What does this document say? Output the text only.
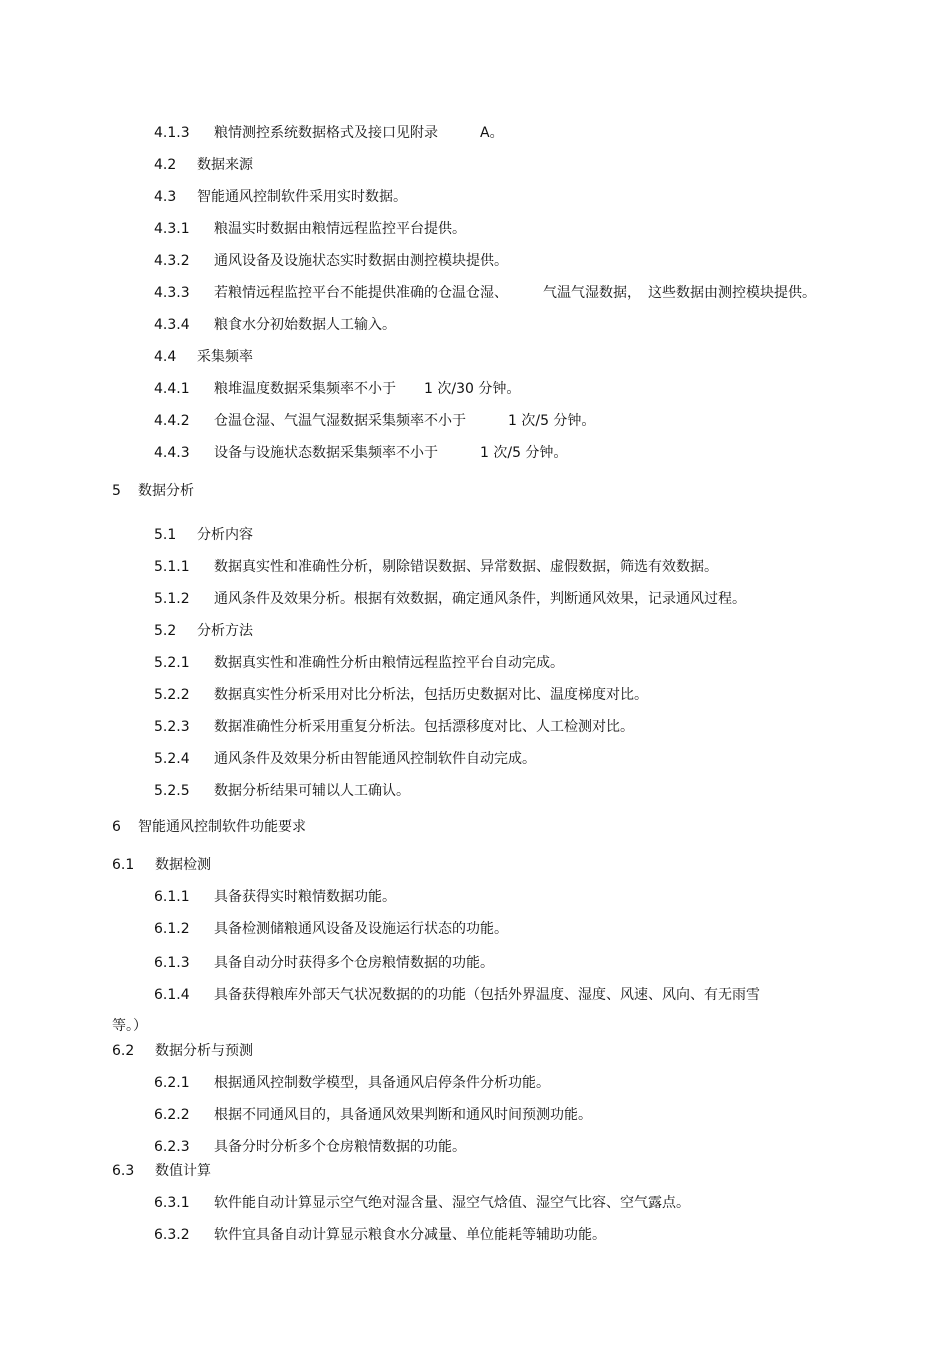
4.1.3 粮情测控系统数据格式及接口见附录　　　A。
4.2 数据来源
4.3 智能通风控制软件采用实时数据。
4.3.1 粮温实时数据由粮情远程监控平台提供。
4.3.2 通风设备及设施状态实时数据由测控模块提供。
4.3.3 若粮情远程监控平台不能提供准确的仓温仓湿、　　　气温气湿数据，　这些数据由测控模块提供。
4.3.4 粮食水分初始数据人工输入。
4.4 采集频率
4.4.1 粮堆温度数据采集频率不小于　　1 次/30 分钟。
4.4.2 仓温仓湿、气温气湿数据采集频率不小于　　　1 次/5 分钟。
4.4.3 设备与设施状态数据采集频率不小于　　　1 次/5 分钟。
5 数据分析
5.1 分析内容
5.1.1 数据真实性和准确性分析，剔除错误数据、异常数据、虚假数据，筛选有效数据。
5.1.2 通风条件及效果分析。根据有效数据，确定通风条件，判断通风效果，记录通风过程。
5.2 分析方法
5.2.1 数据真实性和准确性分析由粮情远程监控平台自动完成。
5.2.2 数据真实性分析采用对比分析法，包括历史数据对比、温度梯度对比。
5.2.3 数据准确性分析采用重复分析法。包括漂移度对比、人工检测对比。
5.2.4 通风条件及效果分析由智能通风控制软件自动完成。
5.2.5 数据分析结果可辅以人工确认。
6 智能通风控制软件功能要求
6.1 数据检测
6.1.1 具备获得实时粮情数据功能。
6.1.2 具备检测储粮通风设备及设施运行状态的功能。
6.1.3 具备自动分时获得多个仓房粮情数据的功能。
6.1.4 具备获得粮库外部天气状况数据的的功能（包括外界温度、湿度、风速、风向、有无雨雪
等。）
6.2 数据分析与预测
6.2.1 根据通风控制数学模型，具备通风启停条件分析功能。
6.2.2 根据不同通风目的，具备通风效果判断和通风时间预测功能。
6.2.3 具备分时分析多个仓房粮情数据的功能。
6.3 数值计算
6.3.1 软件能自动计算显示空气绝对湿含量、湿空气焓值、湿空气比容、空气露点。
6.3.2 软件宜具备自动计算显示粮食水分减量、单位能耗等辅助功能。
